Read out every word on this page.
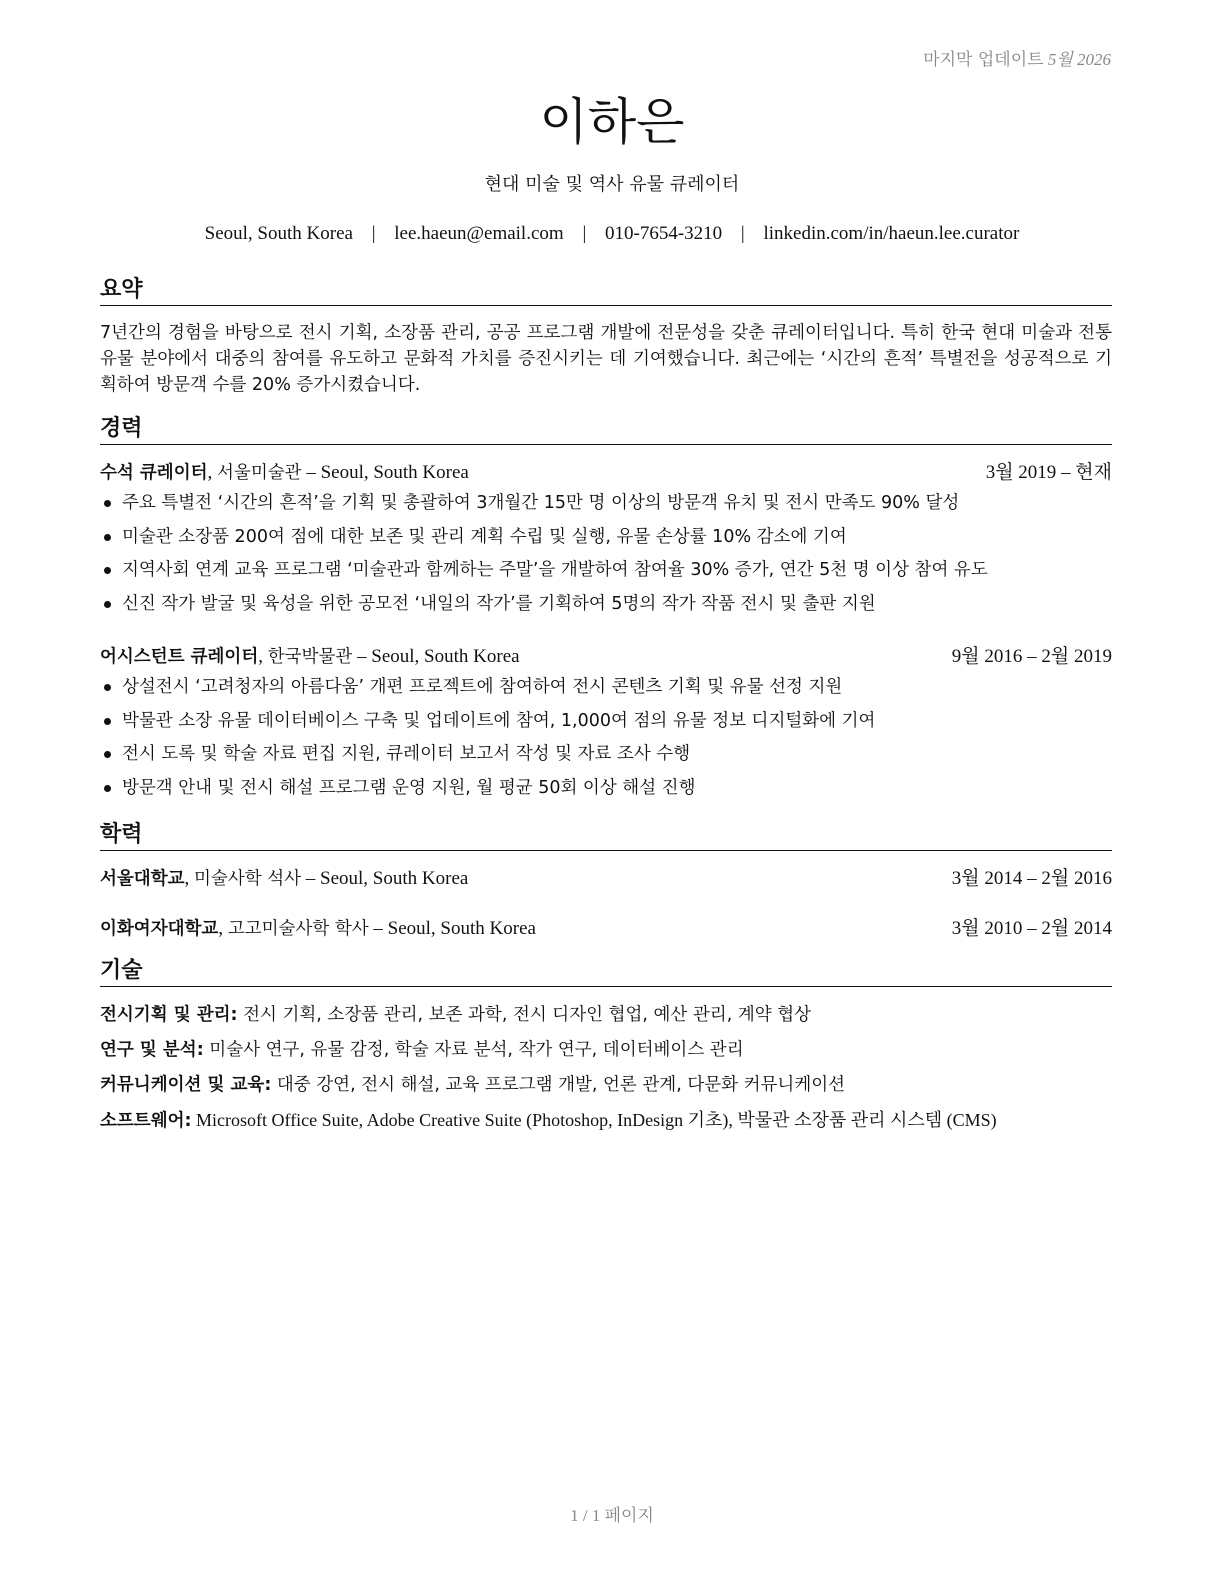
마지막 업데이트 5월 2026
이하은
현대 미술 및 역사 유물 큐레이터
Seoul, South Korea | lee.haeun@email.com | 010-7654-3210 | linkedin.com/in/haeun.lee.curator
요약
7년간의 경험을 바탕으로 전시 기획, 소장품 관리, 공공 프로그램 개발에 전문성을 갖춘 큐레이터입니다. 특히 한국 현대 미술과 전통 유물 분야에서 대중의 참여를 유도하고 문화적 가치를 증진시키는 데 기여했습니다. 최근에는 ‘시간의 흔적’ 특별전을 성공적으로 기획하여 방문객 수를 20% 증가시켰습니다.
경력
수석 큐레이터, 서울미술관 – Seoul, South Korea	3월 2019 – 현재
주요 특별전 ‘시간의 흔적’을 기획 및 총괄하여 3개월간 15만 명 이상의 방문객 유치 및 전시 만족도 90% 달성
미술관 소장품 200여 점에 대한 보존 및 관리 계획 수립 및 실행, 유물 손상률 10% 감소에 기여
지역사회 연계 교육 프로그램 ‘미술관과 함께하는 주말’을 개발하여 참여율 30% 증가, 연간 5천 명 이상 참여 유도
신진 작가 발굴 및 육성을 위한 공모전 ‘내일의 작가’를 기획하여 5명의 작가 작품 전시 및 출판 지원
어시스턴트 큐레이터, 한국박물관 – Seoul, South Korea	9월 2016 – 2월 2019
상설전시 ‘고려청자의 아름다움’ 개편 프로젝트에 참여하여 전시 콘텐츠 기획 및 유물 선정 지원
박물관 소장 유물 데이터베이스 구축 및 업데이트에 참여, 1,000여 점의 유물 정보 디지털화에 기여
전시 도록 및 학술 자료 편집 지원, 큐레이터 보고서 작성 및 자료 조사 수행
방문객 안내 및 전시 해설 프로그램 운영 지원, 월 평균 50회 이상 해설 진행
학력
서울대학교, 미술사학 석사 – Seoul, South Korea	3월 2014 – 2월 2016
이화여자대학교, 고고미술사학 학사 – Seoul, South Korea	3월 2010 – 2월 2014
기술
전시기획 및 관리: 전시 기획, 소장품 관리, 보존 과학, 전시 디자인 협업, 예산 관리, 계약 협상
연구 및 분석: 미술사 연구, 유물 감정, 학술 자료 분석, 작가 연구, 데이터베이스 관리
커뮤니케이션 및 교육: 대중 강연, 전시 해설, 교육 프로그램 개발, 언론 관계, 다문화 커뮤니케이션
소프트웨어: Microsoft Office Suite, Adobe Creative Suite (Photoshop, InDesign 기초), 박물관 소장품 관리 시스템 (CMS)
1 / 1 페이지
